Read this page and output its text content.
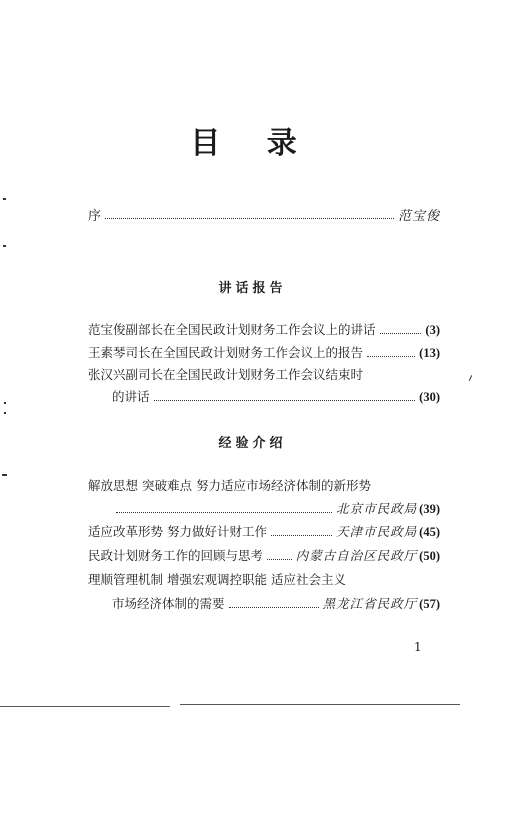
目 录
序	范宝俊
讲话报告
范宝俊副部长在全国民政计划财务工作会议上的讲话	(3)
王素琴司长在全国民政计划财务工作会议上的报告	(13)
张汉兴副司长在全国民政计划财务工作会议结束时
的讲话	(30)
经验介绍
解放思想 突破难点 努力适应市场经济体制的新形势
北京市民政局 (39)
适应改革形势 努力做好计财工作	天津市民政局 (45)
民政计划财务工作的回顾与思考	内蒙古自治区民政厅 (50)
理顺管理机制 增强宏观调控职能 适应社会主义
市场经济体制的需要	黑龙江省民政厅 (57)
1
